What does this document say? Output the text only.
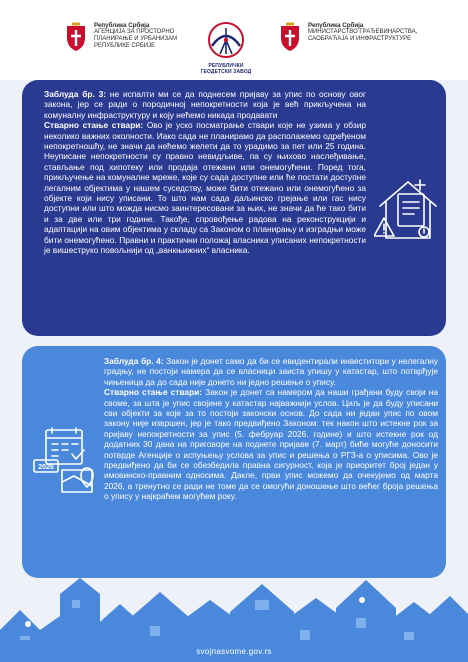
Република Србија
АГЕНЦИЈА ЗА ПРОСТОРНО
ПЛАНИРАЊЕ И УРБАНИЗАМ
РЕПУБЛИКЕ СРБИЈЕ
РЕПУБЛИЧКИ ГЕОДЕТСКИ ЗАВОД
Република Србија
МИНИСТАРСТВО ГРАЂЕВИНАРСТВА,
САОБРАЋАЈА И ИНФРАСТРУКТУРЕ
Заблуда бр. 3: не испалти ми се да поднесем пријаву за упис по основу овог закона, јер се ради о породичној непокретности која је већ прикључена на комуналну инфраструктуру и коју нећемо никада продавати
Стварно стање ствари: Ово је уско посматрање ствари које не узима у обзир неколико важних околности. Иако сада не планирамо да располажемо одређеном непокретношћу, не значи да нећемо желети да то урадимо за пет или 25 година. Неуписане непокретности су правно невидљиве, па су њихово наслеђивање, стављање под хипотеку или продаја отежани или онемогућени. Поред тога, прикључење на комуналне мреже, које су сада доступне или ће постати доступне легалним објектима у нашем суседству, може бити отежано или онемогућено за објекте који нису уписани. То што нам сада даљинско грејање или гас нису доступни или што можда нисмо заинтересовани за њих, не значи да ће тако бити и за две или три године. Такође, спровођење радова на реконструкцији и адаптацији на овим објектима у складу са Законом о планирању и изградњи може бити онемогућено. Правни и практични положај власника уписаних непокретности је вишеструко повољнији од „ванкњижних“ власника.
Заблуда бр. 4: Закон је донет само да би се евидентирали инвеститори у нелегалну градњу, не постоји намера да се власници заиста упишу у катастар, што потврђује чињеница да до сада није донето ни једно решење о упису.
Стварно стање ствари: Закон је донет са намером да наши грађани буду своји на своме, за шта је упис својине у катастар најважнији услов. Циљ је да буду уписани сви објекти за које за то постоји законски основ. До сада ни један упис по овом закону није извршен, јер је тако предвиђено Законом: тек након што истекне рок за пријаву непокретности за упис (5. фебруар 2026. године) и што истекне рок од додатних 30 дана на приговоре на поднете пријаве (7. март) биће могуће доносити потврде Агенције о испуњењу услова за упис и решења о РГЗ-а о уписима. Ово је предвиђено да би се обезбедила правна сигурност, која је приоритет број један у имовинско-правним односима. Дакле, први упис можемо да очекујемо од марта 2026, а тренутно се ради не томе да се омогући доношење што већег броја решења о упису у најкраћем могућем року.
2026
svojnasvome.gov.rs
